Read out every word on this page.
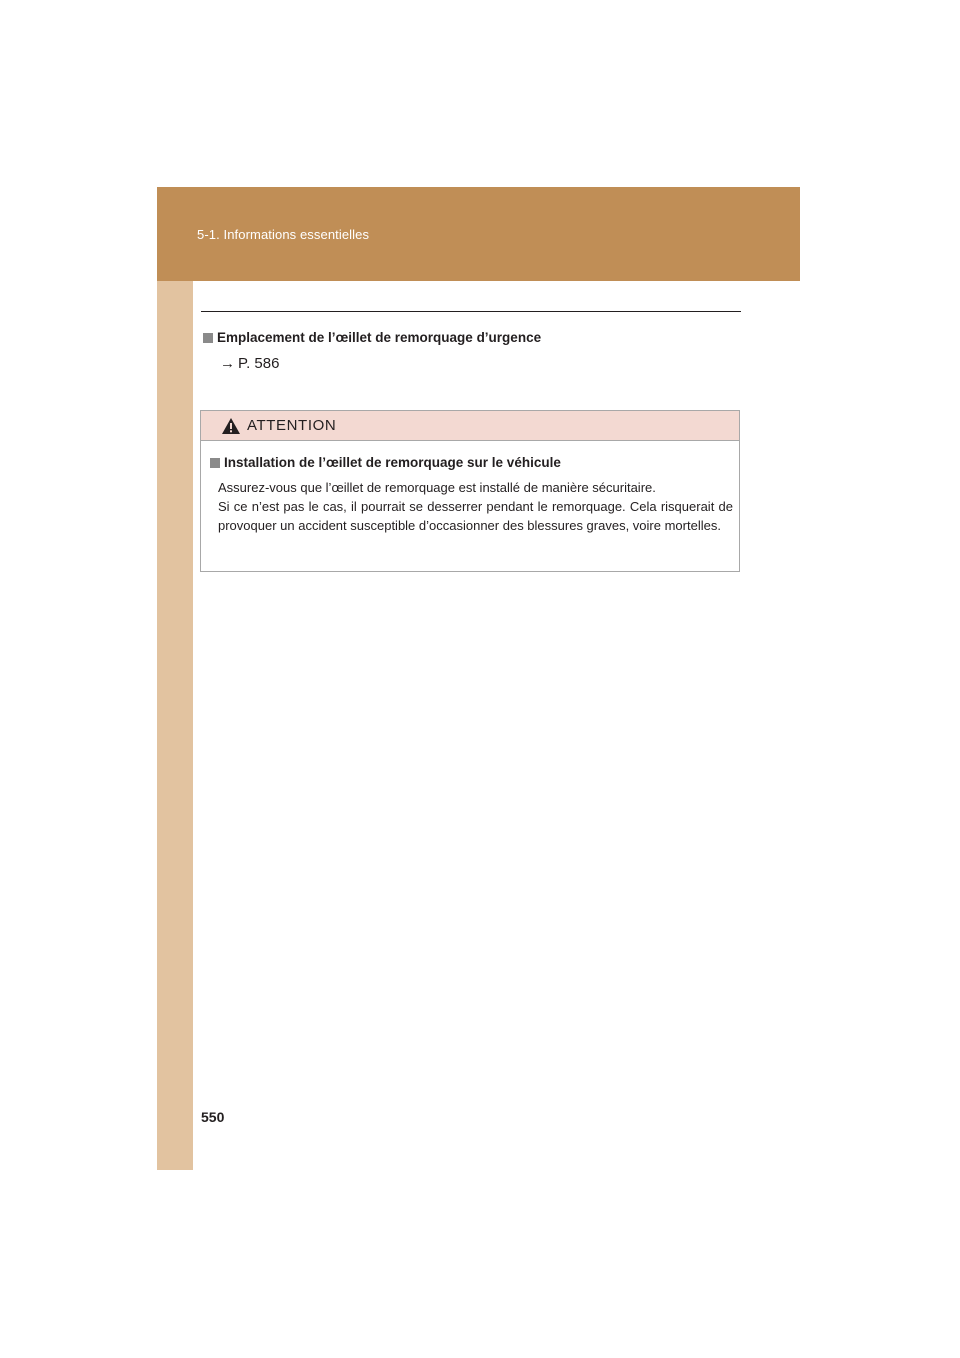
5-1. Informations essentielles
Emplacement de l’œillet de remorquage d’urgence
→ P. 586
ATTENTION
Installation de l’œillet de remorquage sur le véhicule

Assurez-vous que l’œillet de remorquage est installé de manière sécuritaire.

Si ce n’est pas le cas, il pourrait se desserrer pendant le remorquage. Cela risquerait de provoquer un accident susceptible d’occasionner des blessures graves, voire mortelles.

550
